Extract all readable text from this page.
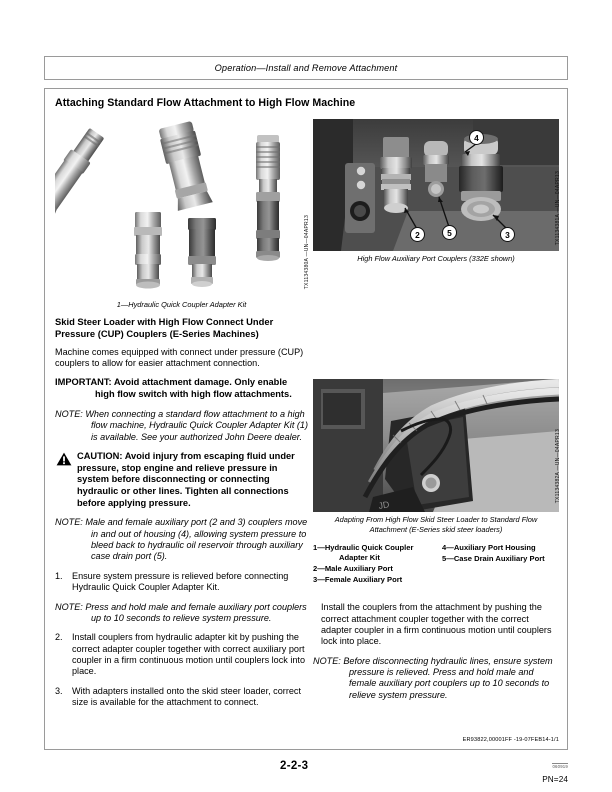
Operation—Install and Remove Attachment
Attaching Standard Flow Attachment to High Flow Machine
TX1134380A —UN—04APR13
1—Hydraulic Quick Coupler Adapter Kit
Skid Steer Loader with High Flow Connect Under Pressure (CUP) Couplers (E-Series Machines)

Machine comes equipped with connect under pressure (CUP) couplers to allow for easier attachment connection.

IMPORTANT: Avoid attachment damage. Only enable high flow switch with high flow attachments.

NOTE: When connecting a standard flow attachment to a high flow machine, Hydraulic Quick Coupler Adapter Kit (1) is available. See your authorized John Deere dealer.

CAUTION: Avoid injury from escaping fluid under pressure, stop engine and relieve pressure in system before disconnecting or connecting hydraulic or other lines. Tighten all connections before applying pressure.

NOTE: Male and female auxiliary port (2 and 3) couplers move in and out of housing (4), allowing system pressure to bleed back to hydraulic oil reservoir through auxiliary case drain port (5).

1. Ensure system pressure is relieved before connecting Hydraulic Quick Coupler Adapter Kit.

NOTE: Press and hold male and female auxiliary port couplers up to 10 seconds to relieve system pressure.

2. Install couplers from hydraulic adapter kit by pushing the correct adapter coupler together with correct auxiliary port coupler in a firm continuous motion until couplers lock into place.
3. With adapters installed onto the skid steer loader, correct size is available for the attachment to connect.
4
2	5	3	TX1134381A —UN—04APR13
High Flow Auxiliary Port Couplers (332E shown)
JD
TX1134382A —UN—04APR13
Adapting From High Flow Skid Steer Loader to Standard Flow Attachment (E-Series skid steer loaders)
1—Hydraulic Quick Coupler
Adapter Kit
2—Male Auxiliary Port
3—Female Auxiliary Port
4—Auxiliary Port Housing
5—Case Drain Auxiliary Port

Install the couplers from the attachment by pushing the correct attachment coupler together with the correct adapter coupler in a firm continuous motion until couplers lock into place.

NOTE: Before disconnecting hydraulic lines, ensure system pressure is relieved. Press and hold male and female auxiliary port couplers up to 10 seconds to relieve system pressure.

ER93822,00001FF -19-07FEB14-1/1
2-2-3	060919
PN=24
